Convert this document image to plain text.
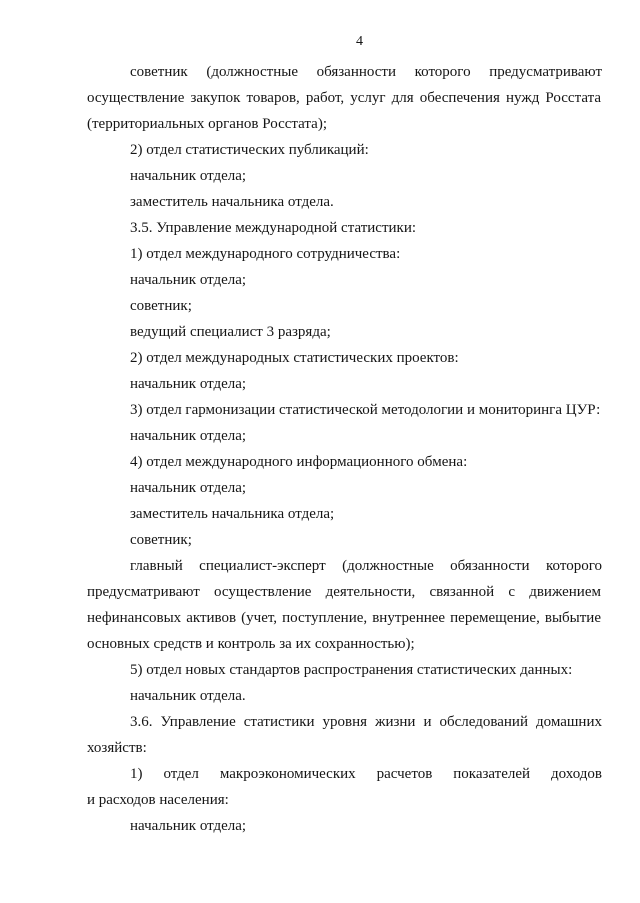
4
советник (должностные обязанности которого предусматривают
осуществление закупок товаров, работ, услуг для обеспечения нужд Росстата
(территориальных органов Росстата);
2) отдел статистических публикаций:
начальник отдела;
заместитель начальника отдела.
3.5. Управление международной статистики:
1) отдел международного сотрудничества:
начальник отдела;
советник;
ведущий специалист 3 разряда;
2) отдел международных статистических проектов:
начальник отдела;
3) отдел гармонизации статистической методологии и мониторинга ЦУР:
начальник отдела;
4) отдел международного информационного обмена:
начальник отдела;
заместитель начальника отдела;
советник;
главный специалист-эксперт (должностные обязанности которого
предусматривают осуществление деятельности, связанной с движением
нефинансовых активов (учет, поступление, внутреннее перемещение, выбытие
основных средств и контроль за их сохранностью);
5) отдел новых стандартов распространения статистических данных:
начальник отдела.
3.6. Управление статистики уровня жизни и обследований домашних
хозяйств:
1) отдел макроэкономических расчетов показателей доходов
и расходов населения:
начальник отдела;
